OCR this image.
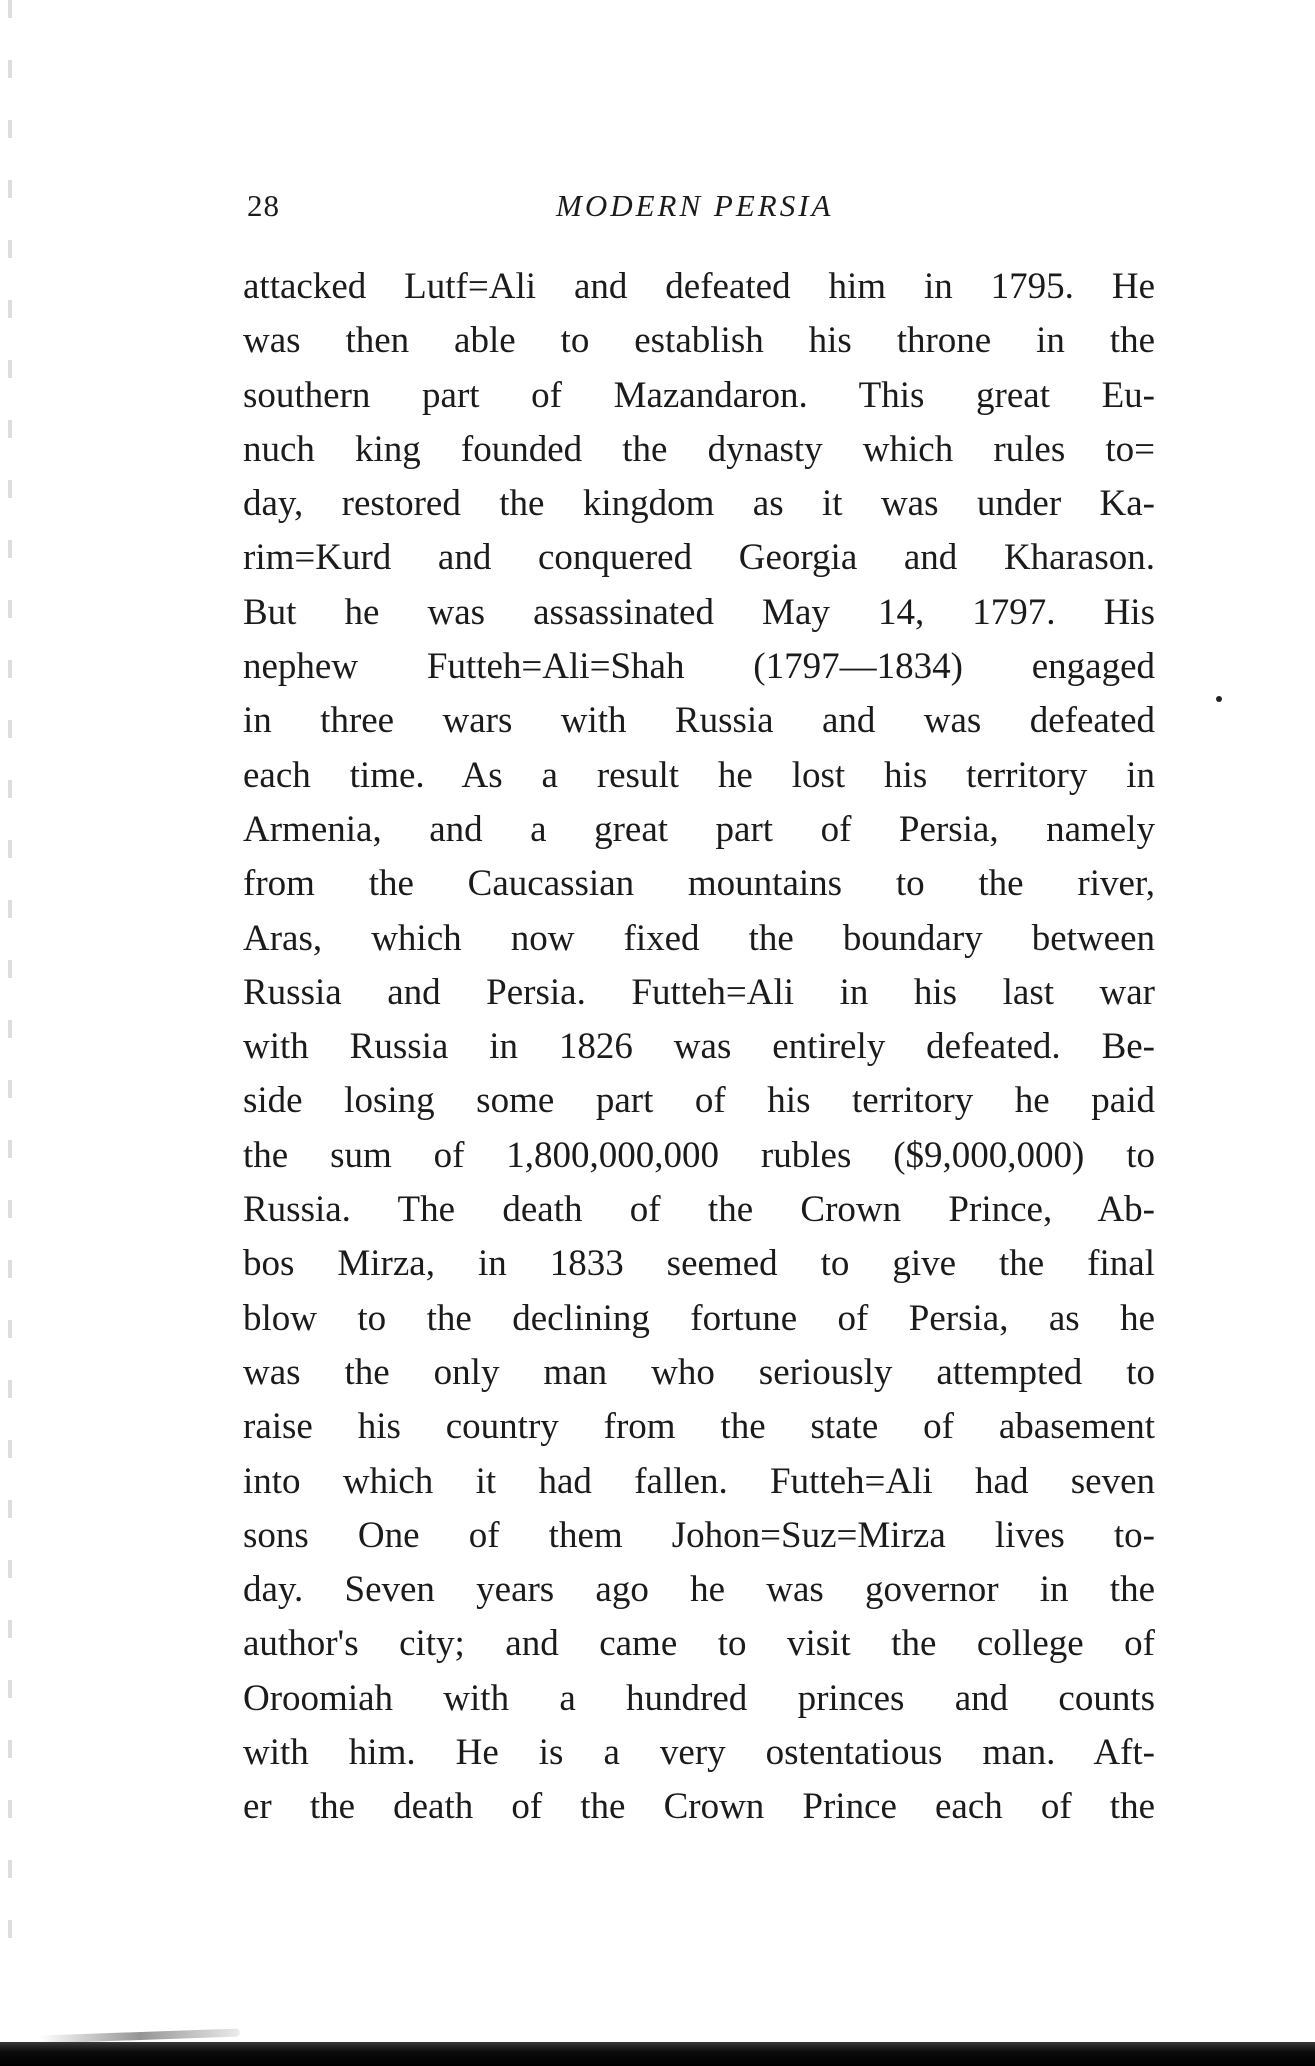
28	MODERN PERSIA
attacked Lutf=Ali and defeated him in 1795. He
was then able to establish his throne in the
southern part of Mazandaron. This great Eu-
nuch king founded the dynasty which rules to=
day, restored the kingdom as it was under Ka-
rim=Kurd and conquered Georgia and Kharason.
But he was assassinated May 14, 1797. His
nephew Futteh=Ali=Shah (1797—1834) engaged
in three wars with Russia and was defeated
each time. As a result he lost his territory in
Armenia, and a great part of Persia, namely
from the Caucassian mountains to the river,
Aras, which now fixed the boundary between
Russia and Persia. Futteh=Ali in his last war
with Russia in 1826 was entirely defeated. Be-
side losing some part of his territory he paid
the sum of 1,800,000,000 rubles ($9,000,000) to
Russia. The death of the Crown Prince, Ab-
bos Mirza, in 1833 seemed to give the final
blow to the declining fortune of Persia, as he
was the only man who seriously attempted to
raise his country from the state of abasement
into which it had fallen. Futteh=Ali had seven
sons One of them Johon=Suz=Mirza lives to-
day. Seven years ago he was governor in the
author's city; and came to visit the college of
Oroomiah with a hundred princes and counts
with him. He is a very ostentatious man. Aft-
er the death of the Crown Prince each of the
